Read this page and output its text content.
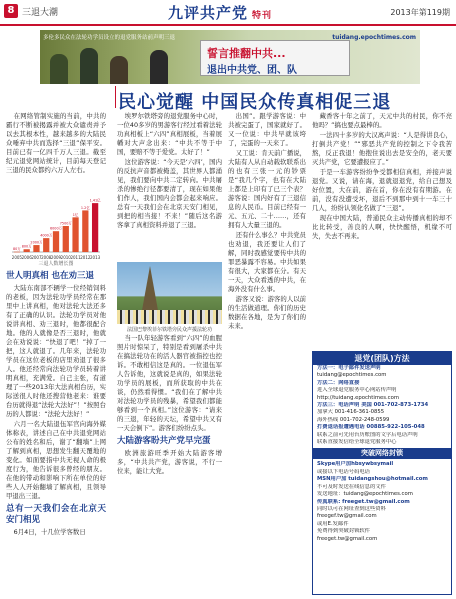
8 三退大潮	九评共产党 特刊	2013年第119期
多伦多民众在法轮功学员设立的退党服务站前声明三退
誓言推翻中共...
退出中共党、团、队
tuidang.epochtimes.com
民心觉醒 中国民众传真相促三退

在网络管制实施的当前，中共的霸行不断被揭露并被大众谴责并予以去其根本性，越来越多的大陆民众唾弃中共而选择“三退”保平安。目前已有一亿四千万人三退。截至纪元退党网站统计，目前每天登记三退的民众都约六万人左右。

2005
80万
2006
800万
2007
2000万
2008
4000万
2009
6000万
2010
7500万
2011
1亿
2012
1.2亿
2013
1.41亿
三退人数增长图
世人明真相 也在劝三退

大陆东南部不辆学一位经销饲料的老板，因为法轮功学员经常在那里中上讲真相，他对法轮大法还多有了正确的认识。法轮功学员对他说讲真相、劝三退时，他都很配合地。他的人就像是否三退时，他就会在劝说说：“快退了吧！”掉了一把，这人就退了。几年来，法轮功学员在这位老板的店里劝退了很多人。他还经常向法轮功学员转着讲明真相，充满爱。自己主张，有道理了一些2013年大法真相台历，实际送很人时他还搜营他老来：谁要台历就得退“法轮大法好”！”按照台历的人都说：“法轮大法好！”

六月一名大陆退伍军官向海外媒体称表，讲述自己在中共退党网站公布的姓名和后，谢了“翻墙”上网了解到真相，思想发生翻天覆地的变化。如面要指中共无视人命的极度行为，他告诉很多曾经的朋友。在他的带动和影响下所在单位的好些人人开始翻墙了解真相，且领导甲退出三退。

总有一天我们会在北京天安门相见

6月4日，十几位学客数日

埃罗尔铁塔旁的退党服务中心时，一位40多岁的男游客行经过看着法轮功真相板上“六四”真相展板，当着展幡对大声念出来：“中共不等于中国，要赔不等于爱党。太好了！”

这位游客说：“今天是‘六四’，国内的反抗声音都被掩盖，其世界人都涌见，我们要向中共二定转向。中共屠杀的惨绝行径都要清了，现在如果他们作人，我们国内会都会起来响应。总有一天我们会在北京天安门相见，到把的相当接！不来！”随后这名游客拿了真相资料并退了三退。

法国巴黎埃菲尔铁塔旁民众声援法轮功

当一队年轻游客看到“六四”的血腥照片时惊呆了，特别是看到屠杀中共在搞法轮功在的活人器官被指控也控诉。不敢相信这是真的。一位退伍军人告诉他，这就说是真的，如果法轮功学员的展板，而所获取的中共在谈，仍然看得惯。“我们在了解中共对法轮功学员的残暴，希望我们都能够看到一个真相。”这位游客：“请来的三退，年轻的天坛，希望中共又有一天会倒下”。游客们纷纷点头。

大陆游客盼共产党早完蛋

欧洲旅游旺季开始大陆游客增多，“中共共产党，游客说，不行一位来，能让大党。

出国”。跟学游客说：中共被完蛋了，国家就好了。又一位说：中共早就该垮了，完蛋的一天来了。

又工说：肯天前广播说，大陆有人从自动载软联系出的也有三张一元的钞票是“我几个字，也有在大陆上都是上印有了已三个表？游客说：国内好有了三退信息的人民币。目前已经有一元、五元、二十……，还有拥有人大量三退的。

还有什么事么？中共党员也劝退，我还要让人们了解，同时我感觉要传中共的罪恶暴露不容易。中共如果有很大，大家都在分。有天一天，大众看透的中共，在海外没有什么事。

游客又说：游客的人以前的生活做道理。你们的历史数据在各地，是为了你们的未来。

藏香客十年之前了，天元中共的村民，你不亮他吗？”搞也要点最棒的。

一法四十多岁的大汉离声说：“人是得讲良心，打倒共产党！”“邪恶共产党的控制之下令我苦熬，反正我退！他抱住说出去是安全的，老天要灭共产党，它要遭报应了。”

于是一车游客纷纷争受都相信真相，并接声说退党。又说，请在海，退就退退党，给自己想及好位置，大在前，游在首，你在没有有期游。在前，没有没遭受坏，退后不到那中到十一车三十几人，纷纷认领化名做了“三退”。

现在中国大陆，普通民众主动传播真相的却不比比转受，善良的人啊，快快醒悟，机缘不可失，失去不再来。

退党(团队)方法
方法一：电子邮件发送声明
tuidang@epochtimes.com
方法二：网络直接
进入全球退党服务中心网站传声明
http://tuidang.epochtimes.com
方法三：电话声明 美国 001-702-873-1734
加拿大 001-416-361-0855
海外热线 001-702-248-0599
打费退话报遭遇电话 00885-922-105-048
联系之前可先用台历账图的文字后电话声明
联系直接发信给全球退党服务中心
突破网络封锁
Skype用户加hbsywbsymail
或接以下电话号码电话
MSN用户加 tuidangshou@hotmail.com
不可及时发送在线信息的文件
发送地址：tuidang@epochtimes.com
传真联系: freeget.tw@gmail.com
同时以可在网址查到这些资料
freegef.tw@gmail.com
或用E.发邮件
免费得到突破封锁软件
freeget.tw@gmail.com
